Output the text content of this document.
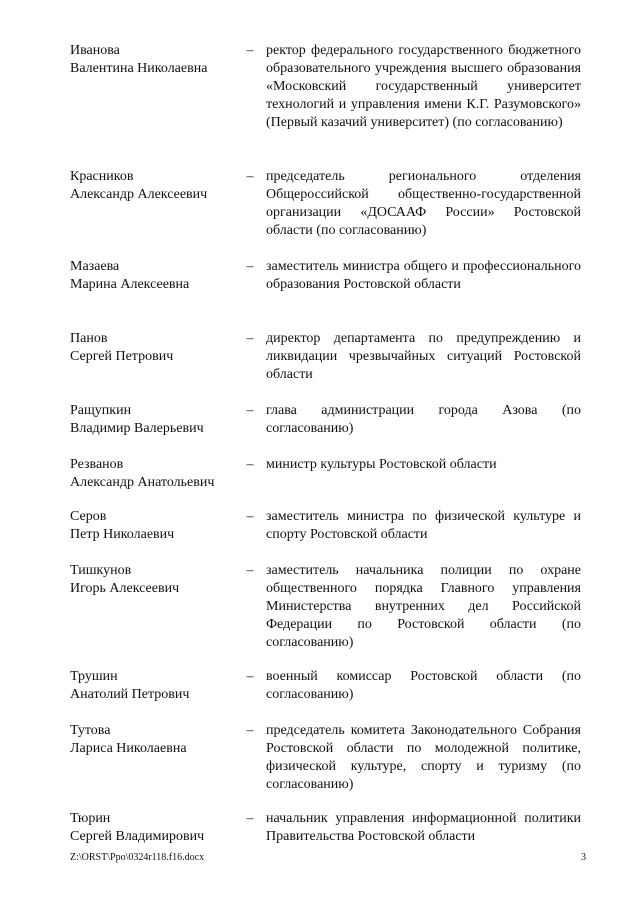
Иванова

Валентина Николаевна

– ректор федерального государственного бюджетного образовательного учреждения высшего образования «Московский государственный университет технологий и управления имени К.Г. Разумовского» (Первый казачий университет) (по согласованию)

Красников

Александр Алексеевич

– председатель регионального отделения Общероссийской общественно-государственной организации «ДОСААФ России» Ростовской области (по согласованию)

Мазаева

Марина Алексеевна

– заместитель министра общего и профессионального образования Ростовской области

Панов

Сергей Петрович

– директор департамента по предупреждению и ликвидации чрезвычайных ситуаций Ростовской области

Ращупкин

Владимир Валерьевич

– глава администрации города Азова (по согласованию)

Резванов

Александр Анатольевич

– министр культуры Ростовской области

Серов

Петр Николаевич

– заместитель министра по физической культуре и спорту Ростовской области

Тишкунов

Игорь Алексеевич

– заместитель начальника полиции по охране общественного порядка Главного управления Министерства внутренних дел Российской Федерации по Ростовской области (по согласованию)

Трушин

Анатолий Петрович

– военный комиссар Ростовской области (по согласованию)

Тутова

Лариса Николаевна

– председатель комитета Законодательного Собрания Ростовской области по молодежной политике, физической культуре, спорту и туризму (по согласованию)

Тюрин

Сергей Владимирович

– начальник управления информационной политики Правительства Ростовской области

Z:\ORST\Ppo\0324r118.f16.docx	3
